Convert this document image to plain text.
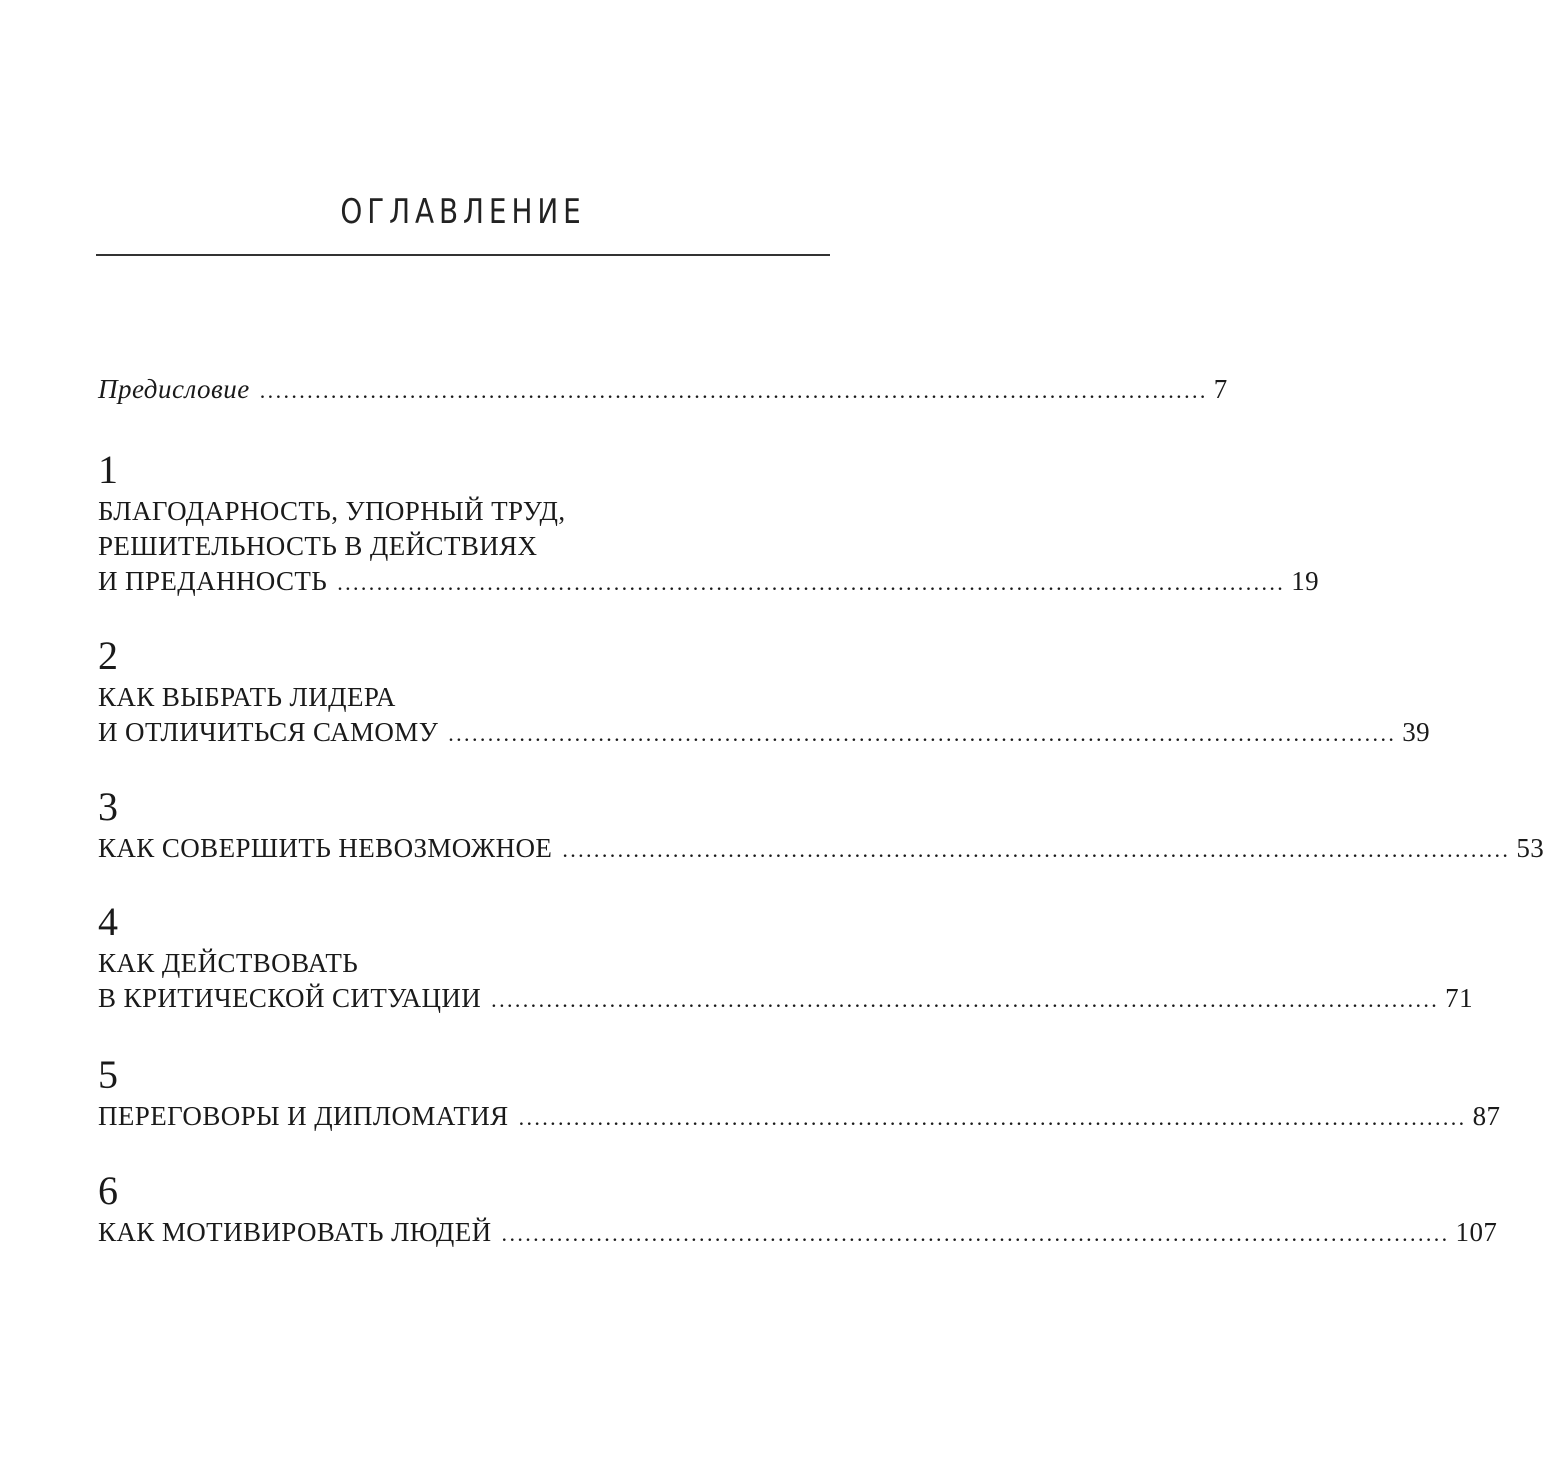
ОГЛАВЛЕНИЕ
Предисловие ........................................................................................................................ 7
1
БЛАГОДАРНОСТЬ, УПОРНЫЙ ТРУД,
РЕШИТЕЛЬНОСТЬ В ДЕЙСТВИЯХ
И ПРЕДАННОСТЬ ........................................................................................................................ 19
2
КАК ВЫБРАТЬ ЛИДЕРА
И ОТЛИЧИТЬСЯ САМОМУ ........................................................................................................................ 39
3
КАК СОВЕРШИТЬ НЕВОЗМОЖНОЕ ........................................................................................................................ 53
4
КАК ДЕЙСТВОВАТЬ
В КРИТИЧЕСКОЙ СИТУАЦИИ ........................................................................................................................ 71
5
ПЕРЕГОВОРЫ И ДИПЛОМАТИЯ ........................................................................................................................ 87
6
КАК МОТИВИРОВАТЬ ЛЮДЕЙ ........................................................................................................................ 107
